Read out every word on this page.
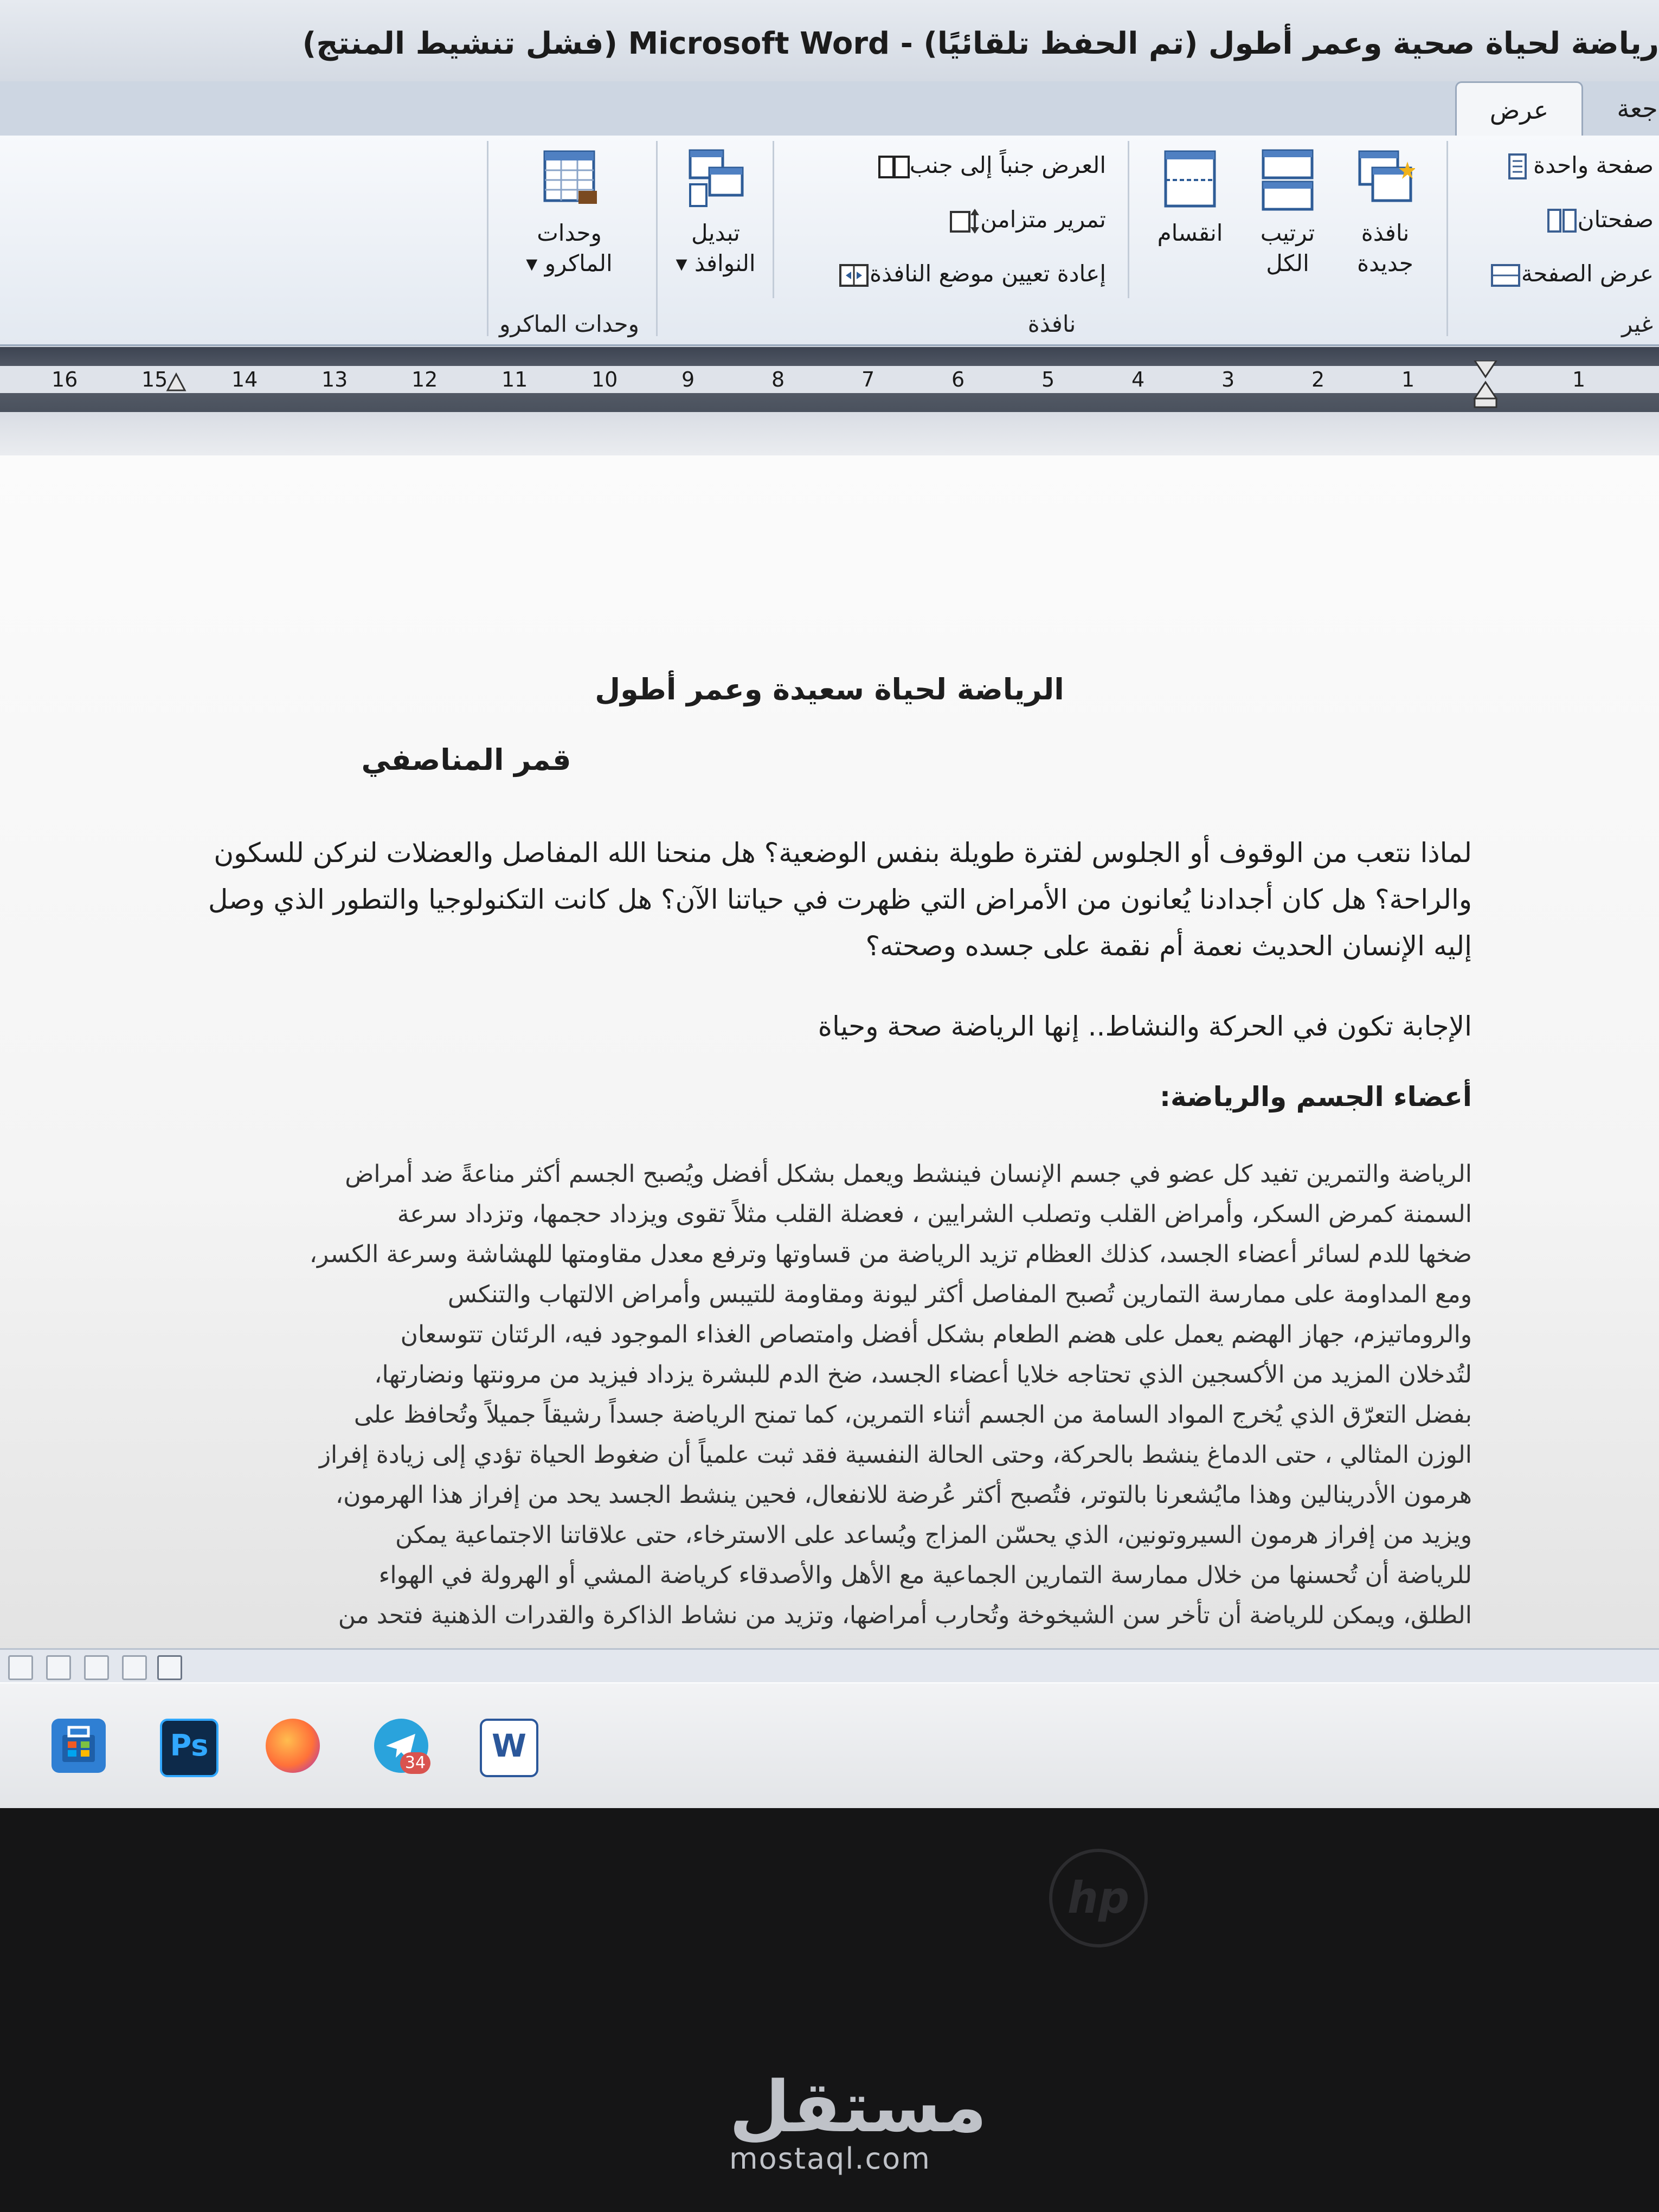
رياضة لحياة صحية وعمر أطول (تم الحفظ تلقائيًا) - Microsoft Word (فشل تنشيط المنتج)
عرض	جعة
صفحة واحدة
صفحتان
عرض الصفحة
غير
نافذة
جديدة
ترتيب
الكل
انقسام
العرض جنباً إلى جنب
تمرير متزامن
إعادة تعيين موضع النافذة
تبديل
النوافذ ▾
نافذة
وحدات
الماكرو ▾
وحدات الماكرو
16	15	14	13	12	11	10	9	8	7	6	5	4	3	2	1	1
الرياضة لحياة سعيدة وعمر أطول
قمر المناصفي
لماذا نتعب من الوقوف أو الجلوس لفترة طويلة بنفس الوضعية؟ هل منحنا الله المفاصل والعضلات لنركن للسكون
والراحة؟ هل كان أجدادنا يُعانون من الأمراض التي ظهرت في حياتنا الآن؟ هل كانت التكنولوجيا والتطور الذي وصل
إليه الإنسان الحديث نعمة أم نقمة على جسده وصحته؟
الإجابة تكون في الحركة والنشاط.. إنها الرياضة صحة وحياة
أعضاء الجسم والرياضة:
الرياضة والتمرين تفيد كل عضو في جسم الإنسان فينشط ويعمل بشكل أفضل ويُصبح الجسم أكثر مناعةً ضد أمراض
السمنة كمرض السكر، وأمراض القلب وتصلب الشرايين ، فعضلة القلب مثلاً تقوى ويزداد حجمها، وتزداد سرعة
ضخها للدم لسائر أعضاء الجسد، كذلك العظام تزيد الرياضة من قساوتها وترفع معدل مقاومتها للهشاشة وسرعة الكسر،
ومع المداومة على ممارسة التمارين تُصبح المفاصل أكثر ليونة ومقاومة للتيبس وأمراض الالتهاب والتنكس
والروماتيزم، جهاز الهضم يعمل على هضم الطعام بشكل أفضل وامتصاص الغذاء الموجود فيه، الرئتان تتوسعان
لتُدخلان المزيد من الأكسجين الذي تحتاجه خلايا أعضاء الجسد، ضخ الدم للبشرة يزداد فيزيد من مرونتها ونضارتها،
بفضل التعرّق الذي يُخرج المواد السامة من الجسم أثناء التمرين، كما تمنح الرياضة جسداً رشيقاً جميلاً وتُحافظ على
الوزن المثالي ، حتى الدماغ ينشط بالحركة، وحتى الحالة النفسية فقد ثبت علمياً أن ضغوط الحياة تؤدي إلى زيادة إفراز
هرمون الأدرينالين وهذا مايُشعرنا بالتوتر، فتُصبح أكثر عُرضة للانفعال، فحين ينشط الجسد يحد من إفراز هذا الهرمون،
ويزيد من إفراز هرمون السيروتونين، الذي يحسّن المزاج ويُساعد على الاسترخاء، حتى علاقاتنا الاجتماعية يمكن
للرياضة أن تُحسنها من خلال ممارسة التمارين الجماعية مع الأهل والأصدقاء كرياضة المشي أو الهرولة في الهواء
الطلق، ويمكن للرياضة أن تأخر سن الشيخوخة وتُحارب أمراضها، وتزيد من نشاط الذاكرة والقدرات الذهنية فتحد من
Ps
34	W
hp
مستقل
mostaql.com
